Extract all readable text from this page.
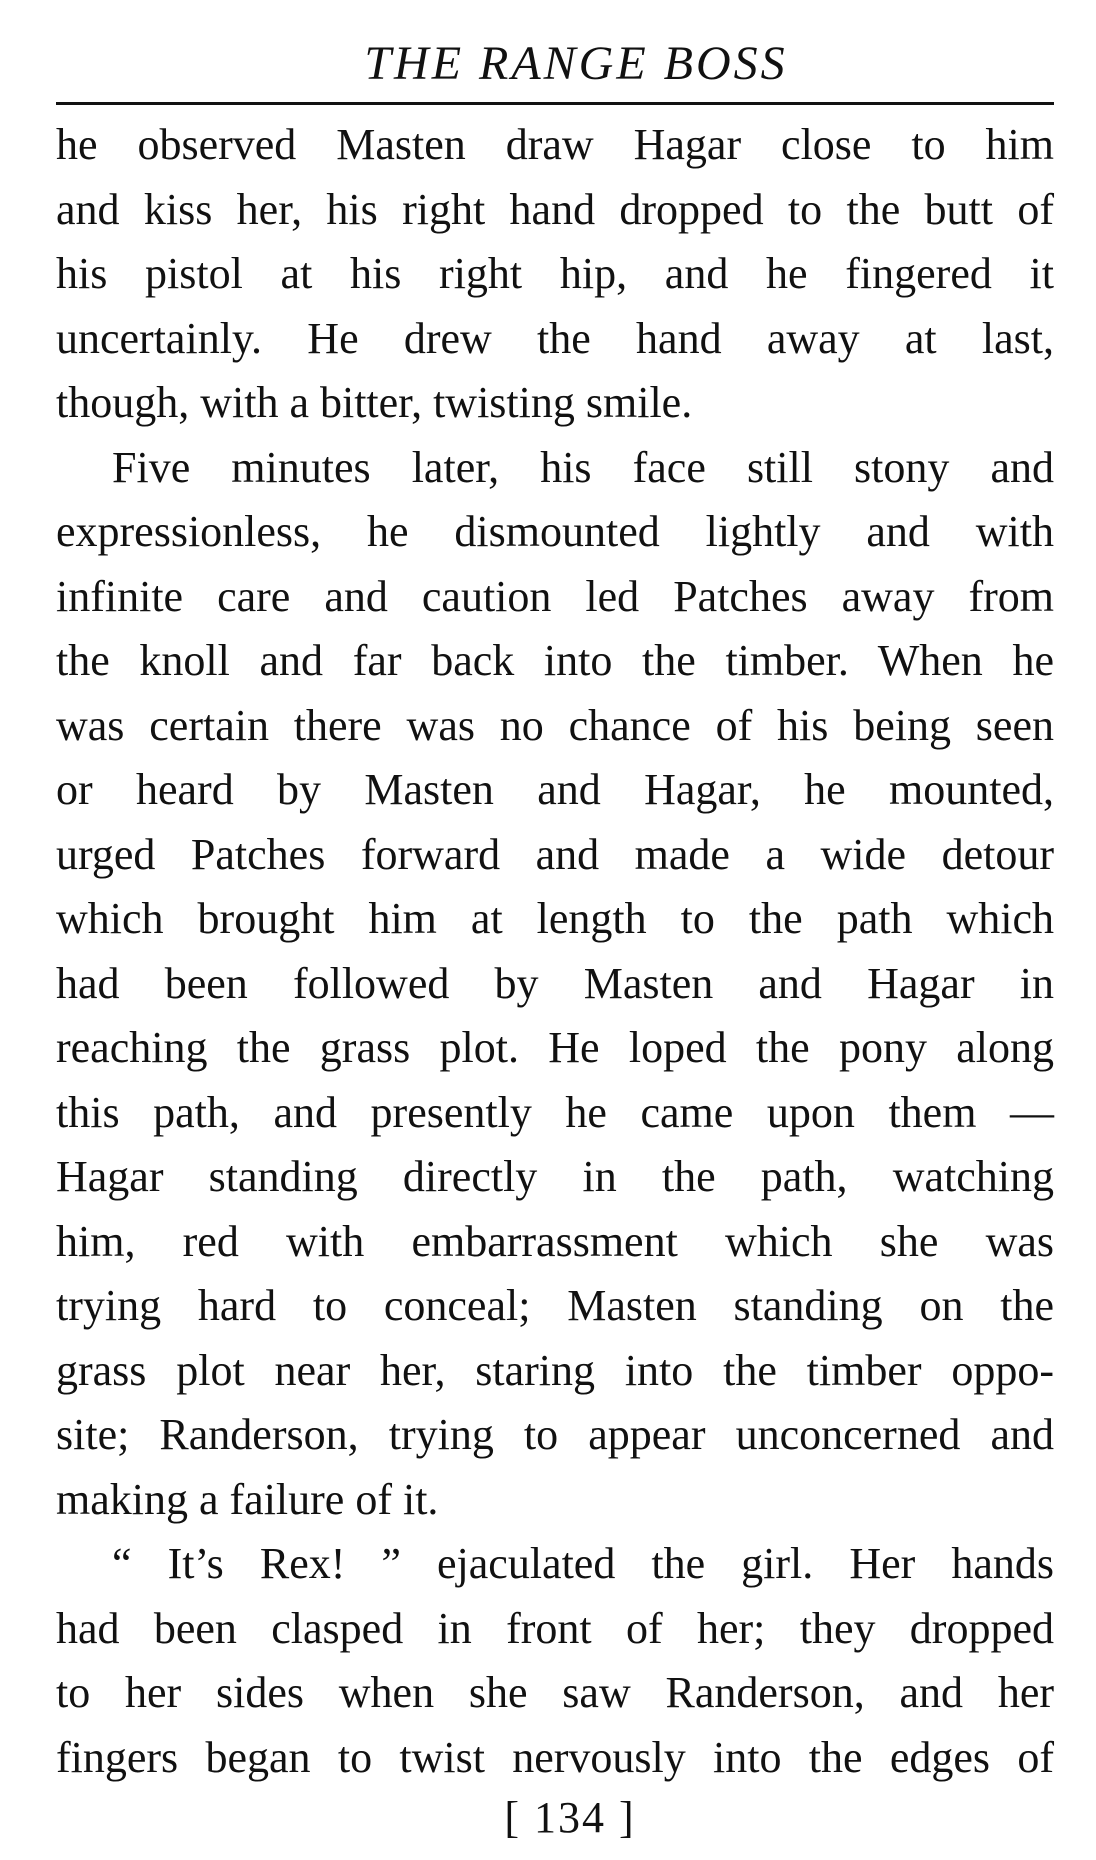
THE RANGE BOSS
he observed Masten draw Hagar close to him
and kiss her, his right hand dropped to the butt of
his pistol at his right hip, and he fingered it
uncertainly. He drew the hand away at last,
though, with a bitter, twisting smile.
Five minutes later, his face still stony and
expressionless, he dismounted lightly and with
infinite care and caution led Patches away from
the knoll and far back into the timber. When he
was certain there was no chance of his being seen
or heard by Masten and Hagar, he mounted,
urged Patches forward and made a wide detour
which brought him at length to the path which
had been followed by Masten and Hagar in
reaching the grass plot. He loped the pony along
this path, and presently he came upon them —
Hagar standing directly in the path, watching
him, red with embarrassment which she was
trying hard to conceal; Masten standing on the
grass plot near her, staring into the timber oppo-
site; Randerson, trying to appear unconcerned and
making a failure of it.
“ It’s Rex! ” ejaculated the girl. Her hands
had been clasped in front of her; they dropped
to her sides when she saw Randerson, and her
fingers began to twist nervously into the edges of
[ 134 ]
